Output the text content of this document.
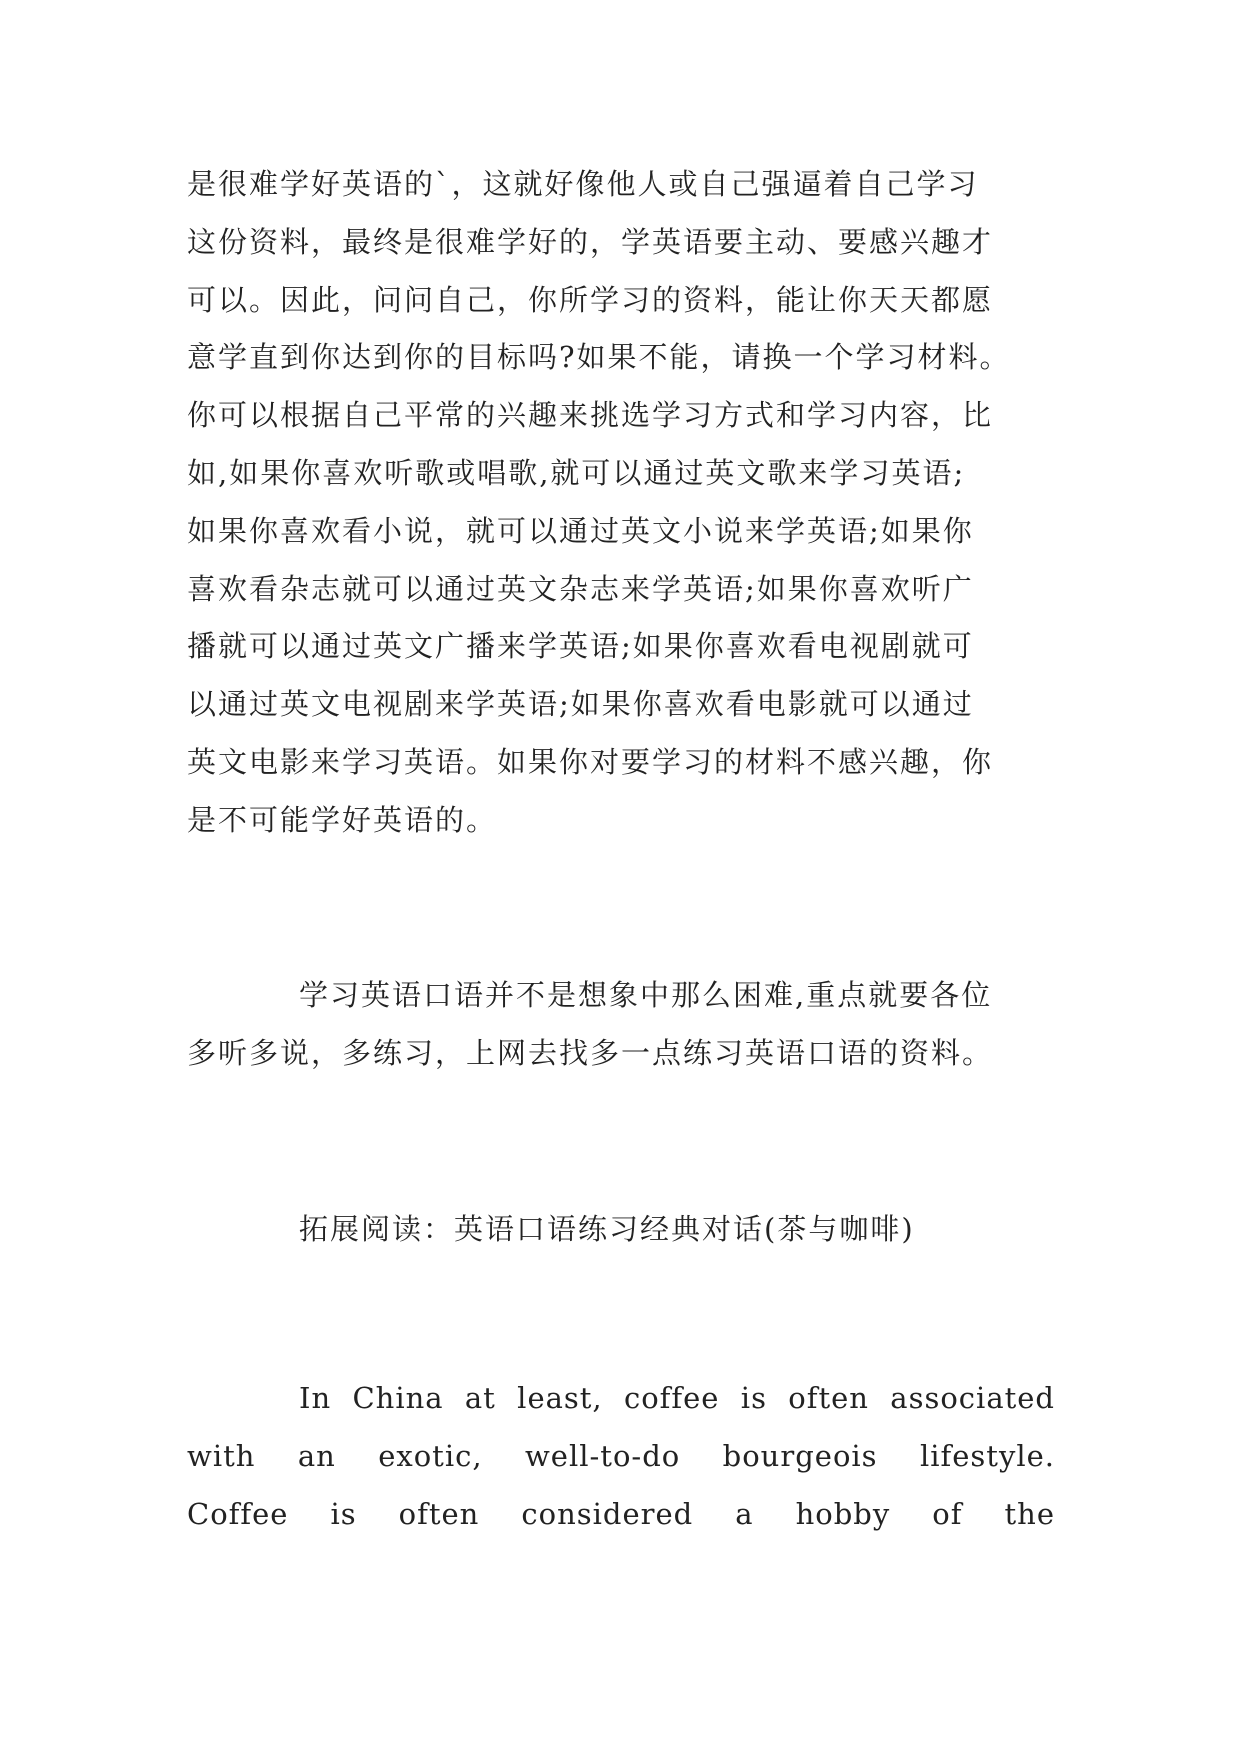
是很难学好英语的`，这就好像他人或自己强逼着自己学习
这份资料，最终是很难学好的，学英语要主动、要感兴趣才
可以。因此，问问自己，你所学习的资料，能让你天天都愿
意学直到你达到你的目标吗?如果不能，请换一个学习材料。
你可以根据自己平常的兴趣来挑选学习方式和学习内容，比
如,如果你喜欢听歌或唱歌,就可以通过英文歌来学习英语;
如果你喜欢看小说，就可以通过英文小说来学英语;如果你
喜欢看杂志就可以通过英文杂志来学英语;如果你喜欢听广
播就可以通过英文广播来学英语;如果你喜欢看电视剧就可
以通过英文电视剧来学英语;如果你喜欢看电影就可以通过
英文电影来学习英语。如果你对要学习的材料不感兴趣，你
是不可能学好英语的。
学习英语口语并不是想象中那么困难,重点就要各位
多听多说，多练习，上网去找多一点练习英语口语的资料。
拓展阅读：英语口语练习经典对话(茶与咖啡)
In China at least, coffee is often associated
with an exotic, well-to-do bourgeois lifestyle.
Coffee is often considered a hobby of the
